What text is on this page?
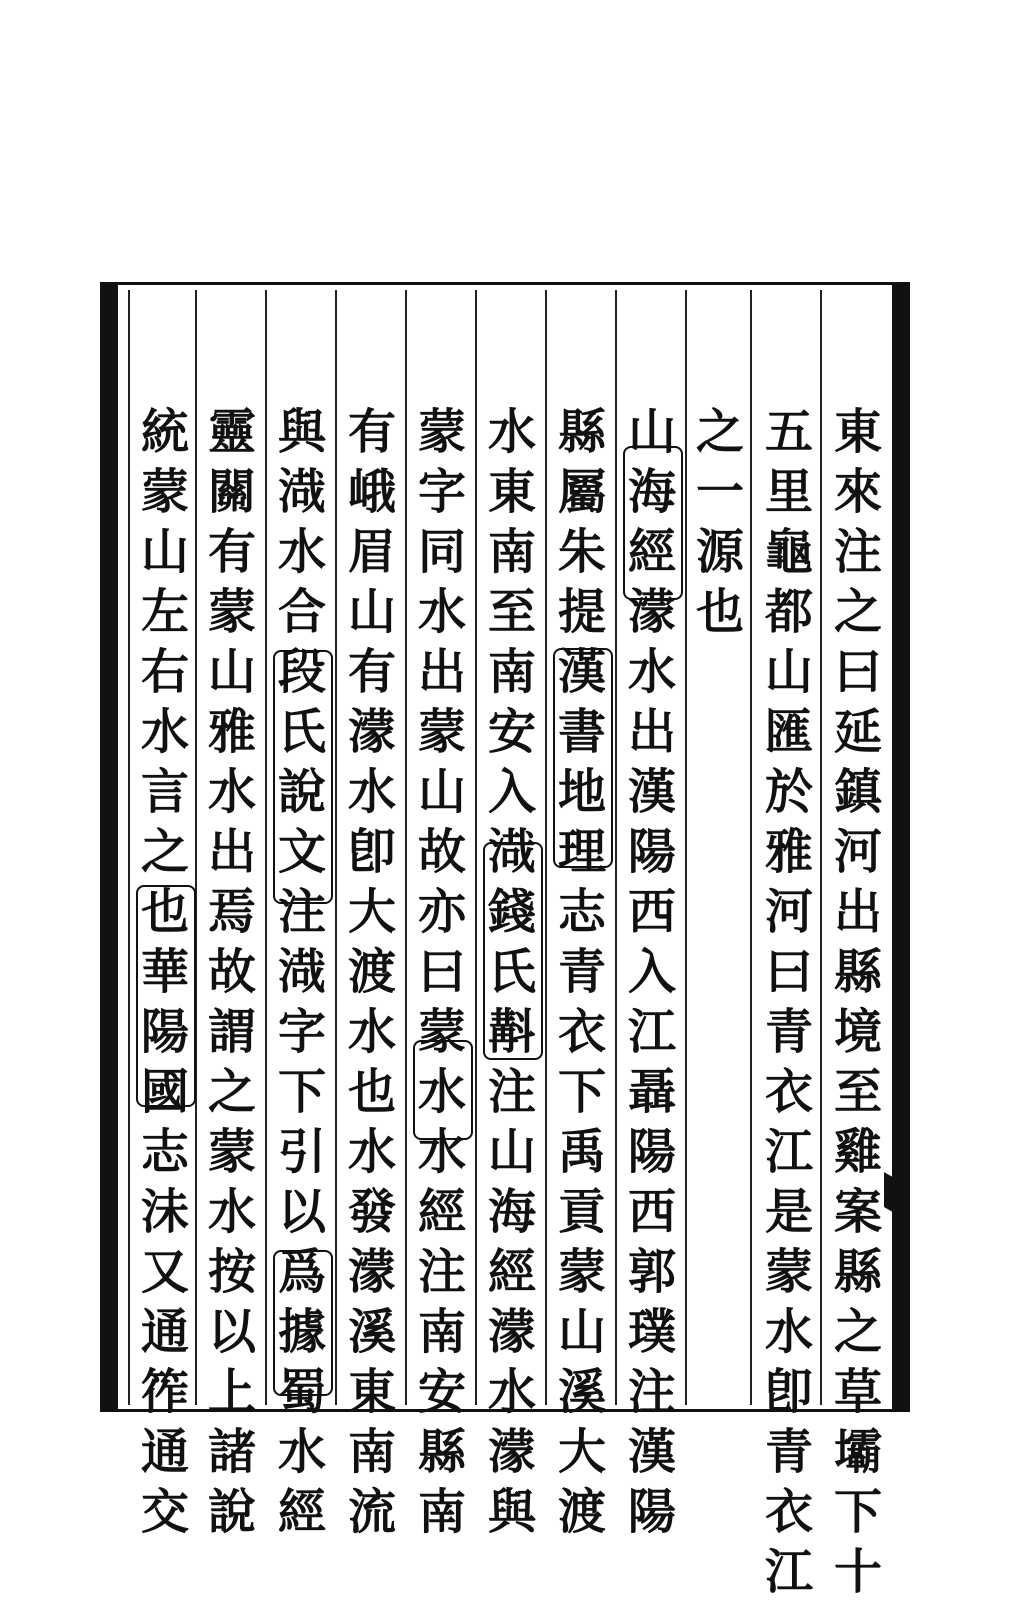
東
來
注
之
曰
延
鎮
河
出
縣
境
至
雞
案
縣
之
草
壩
下
十
五
里
龜
都
山
匯
於
雅
河
曰
青
衣
江
是
蒙
水
卽
青
衣
江
之
一
源
也
山
海
經
濛
水
出
漢
陽
西
入
江
聶
陽
西
郭
璞
注
漢
陽
縣
屬
朱
提
漢
書
地
理
志
青
衣
下
禹
貢
蒙
山
溪
大
渡
水
東
南
至
南
安
入
渽
錢
氏
斠
注
山
海
經
濛
水
濛
與
蒙
字
同
水
出
蒙
山
故
亦
曰
蒙
水
水
經
注
南
安
縣
南
有
峨
眉
山
有
濛
水
卽
大
渡
水
也
水
發
濛
溪
東
南
流
與
渽
水
合
段
氏
說
文
注
渽
字
下
引
以
爲
據
蜀
水
經
靈
關
有
蒙
山
雅
水
出
焉
故
謂
之
蒙
水
按
以
上
諸
說
統
蒙
山
左
右
水
言
之
也
華
陽
國
志
沬
又
通
筰
通
交
